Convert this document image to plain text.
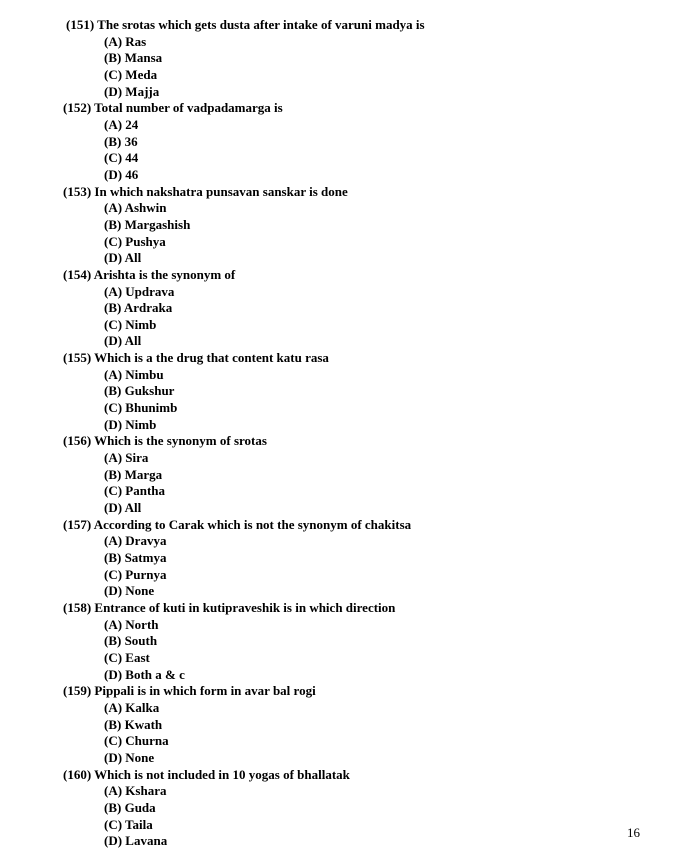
(151) The srotas which gets dusta after intake of varuni madya is
(A) Ras
(B) Mansa
(C) Meda
(D) Majja
(152) Total number of vadpadamarga is
(A) 24
(B) 36
(C) 44
(D) 46
(153) In which nakshatra punsavan sanskar is done
(A) Ashwin
(B) Margashish
(C) Pushya
(D) All
(154) Arishta is the synonym of
(A) Updrava
(B) Ardraka
(C) Nimb
(D) All
(155) Which is a the drug that content katu rasa
(A) Nimbu
(B) Gukshur
(C) Bhunimb
(D) Nimb
(156) Which is the synonym of srotas
(A) Sira
(B) Marga
(C) Pantha
(D) All
(157) According to Carak which is not the synonym of chakitsa
(A) Dravya
(B) Satmya
(C) Purnya
(D) None
(158) Entrance of kuti in kutipraveshik is in which direction
(A) North
(B) South
(C) East
(D) Both a & c
(159) Pippali is in which form in avar bal rogi
(A) Kalka
(B) Kwath
(C) Churna
(D) None
(160) Which is not included in 10 yogas of bhallatak
(A) Kshara
(B) Guda
(C) Taila
(D) Lavana
16
